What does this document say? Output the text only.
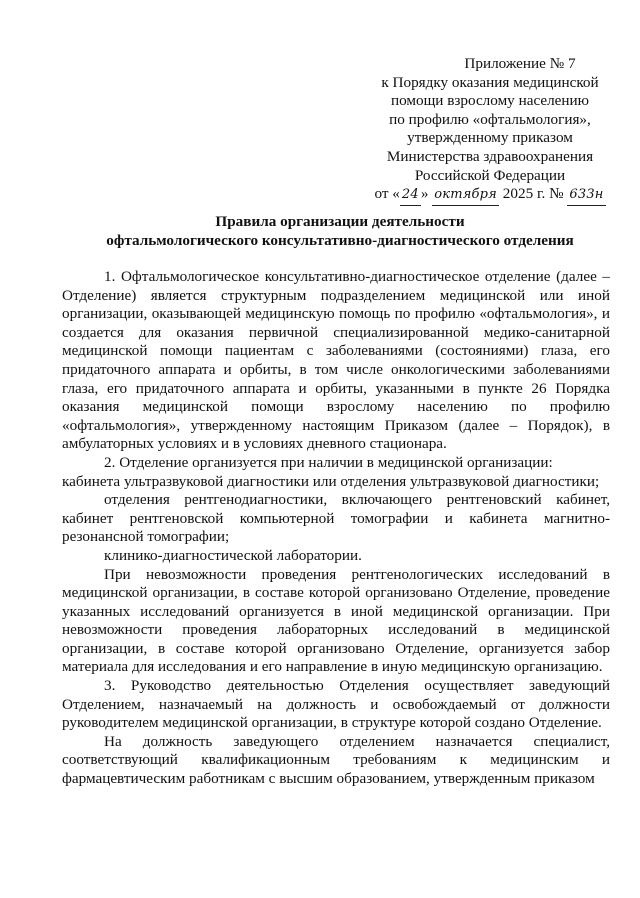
Приложение № 7
к Порядку оказания медицинской
помощи взрослому населению
по профилю «офтальмология»,
утвержденному приказом
Министерства здравоохранения
Российской Федерации
от « 24 » октября 2025 г. № 633н
Правила организации деятельности
офтальмологического консультативно-диагностического отделения

1. Офтальмологическое консультативно-диагностическое отделение (далее – Отделение) является структурным подразделением медицинской или иной организации, оказывающей медицинскую помощь по профилю «офтальмология», и создается для оказания первичной специализированной медико-санитарной медицинской помощи пациентам с заболеваниями (состояниями) глаза, его придаточного аппарата и орбиты, в том числе онкологическими заболеваниями глаза, его придаточного аппарата и орбиты, указанными в пункте 26 Порядка оказания медицинской помощи взрослому населению по профилю «офтальмология», утвержденному настоящим Приказом (далее – Порядок), в амбулаторных условиях и в условиях дневного стационара.

2. Отделение организуется при наличии в медицинской организации:

кабинета ультразвуковой диагностики или отделения ультразвуковой диагностики;

отделения рентгенодиагностики, включающего рентгеновский кабинет, кабинет рентгеновской компьютерной томографии и кабинета магнитно-резонансной томографии;

клинико-диагностической лаборатории.

При невозможности проведения рентгенологических исследований в медицинской организации, в составе которой организовано Отделение, проведение указанных исследований организуется в иной медицинской организации. При невозможности проведения лабораторных исследований в медицинской организации, в составе которой организовано Отделение, организуется забор материала для исследования и его направление в иную медицинскую организацию.

3. Руководство деятельностью Отделения осуществляет заведующий Отделением, назначаемый на должность и освобождаемый от должности руководителем медицинской организации, в структуре которой создано Отделение.

На должность заведующего отделением назначается специалист, соответствующий квалификационным требованиям к медицинским и фармацевтическим работникам с высшим образованием, утвержденным приказом
